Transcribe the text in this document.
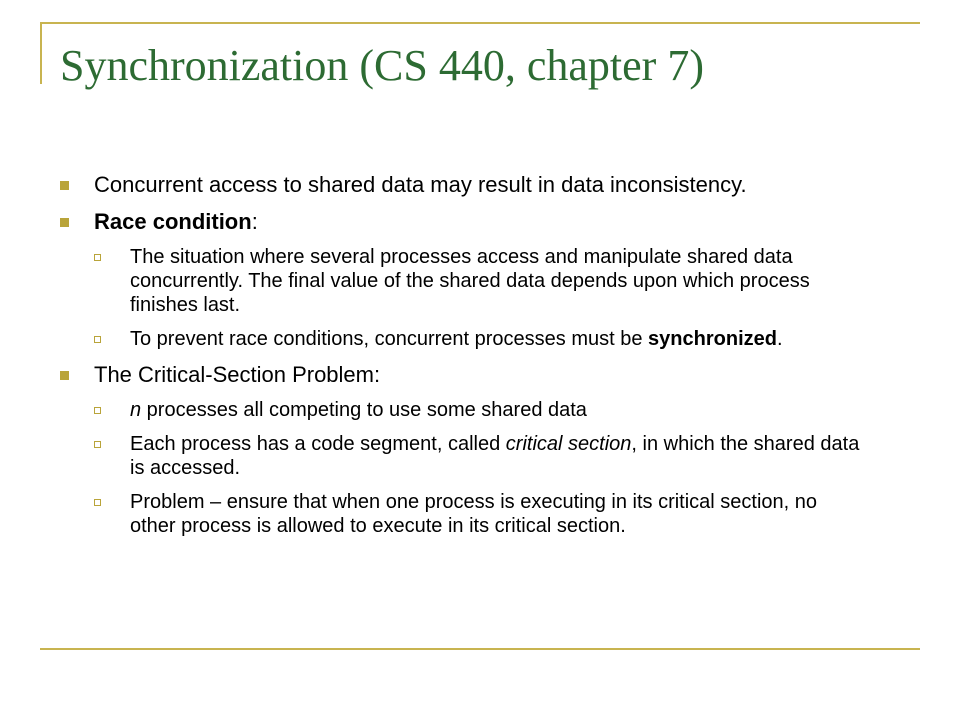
Synchronization (CS 440, chapter 7)
Concurrent access to shared data may result in data inconsistency.
Race condition:
The situation where several processes access and manipulate shared data concurrently. The final value of the shared data depends upon which process finishes last.
To prevent race conditions, concurrent processes must be synchronized.
The Critical-Section Problem:
n processes all competing to use some shared data
Each process has a code segment, called critical section, in which the shared data is accessed.
Problem – ensure that when one process is executing in its critical section, no other process is allowed to execute in its critical section.
